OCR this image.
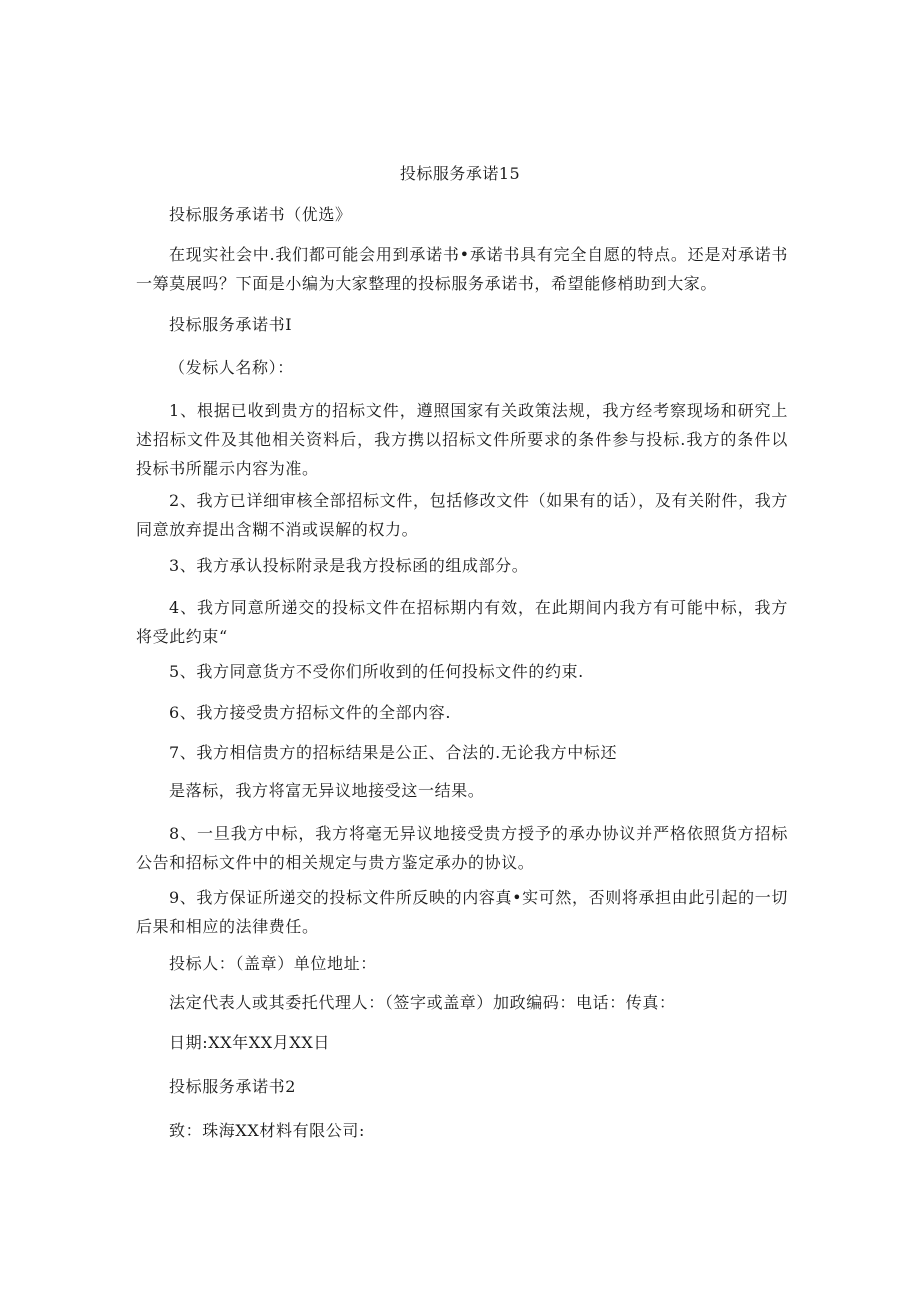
投标服务承诺15
投标服务承诺书（优选》
在现实社会中.我们都可能会用到承诺书•承诺书具有完全自愿的特点。还是对承诺书一筹莫展吗？下面是小编为大家整理的投标服务承诺书，希望能修梢助到大家。
投标服务承诺书I
（发标人名称）：
1、根据已收到贵方的招标文件，遵照国家有关政策法规，我方经考察现场和研究上述招标文件及其他相关资料后，我方携以招标文件所要求的条件参与投标.我方的条件以投标书所罷示内容为准。
2、我方已详细审核全部招标文件，包括修改文件（如果有的话），及有关附件，我方同意放弃提出含糊不消或误解的权力。
3、我方承认投标附录是我方投标函的组成部分。
4、我方同意所递交的投标文件在招标期内有效，在此期间内我方有可能中标，我方将受此约束“
5、我方同意货方不受你们所收到的任何投标文件的约束.
6、我方接受贵方招标文件的全部内容.
7、我方相信贵方的招标结果是公正、合法的.无论我方中标还
是落标，我方将富无异议地接受这一结果。
8、一旦我方中标，我方将毫无异议地接受贵方授予的承办协议并严格依照货方招标公告和招标文件中的相关规定与贵方鉴定承办的协议。
9、我方保证所递交的投标文件所反映的内容真•实可然，否则将承担由此引起的一切后果和相应的法律费任。
投标人：（盖章）单位地址：
法定代表人或其委托代理人：（签字或盖章）加政编码：电话：传真：
日期:XX年XX月XX日
投标服务承诺书2
致：珠海XX材料有限公司:
